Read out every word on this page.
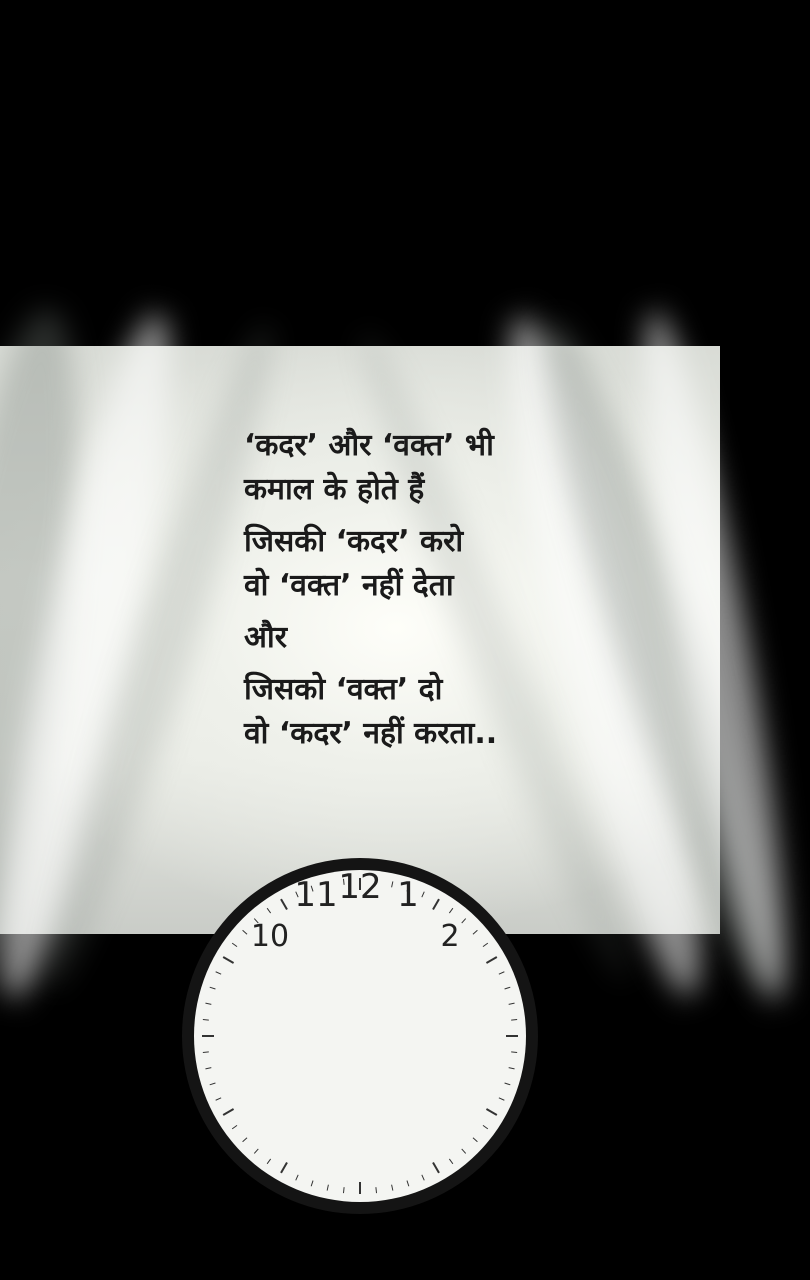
‘कदर’ और ‘वक्त’ भी
कमाल के होते हैं
जिसकी ‘कदर’ करो
वो ‘वक्त’ नहीं देता
और
जिसको ‘वक्त’ दो
वो ‘कदर’ नहीं करता..
11 12 1
10	2
